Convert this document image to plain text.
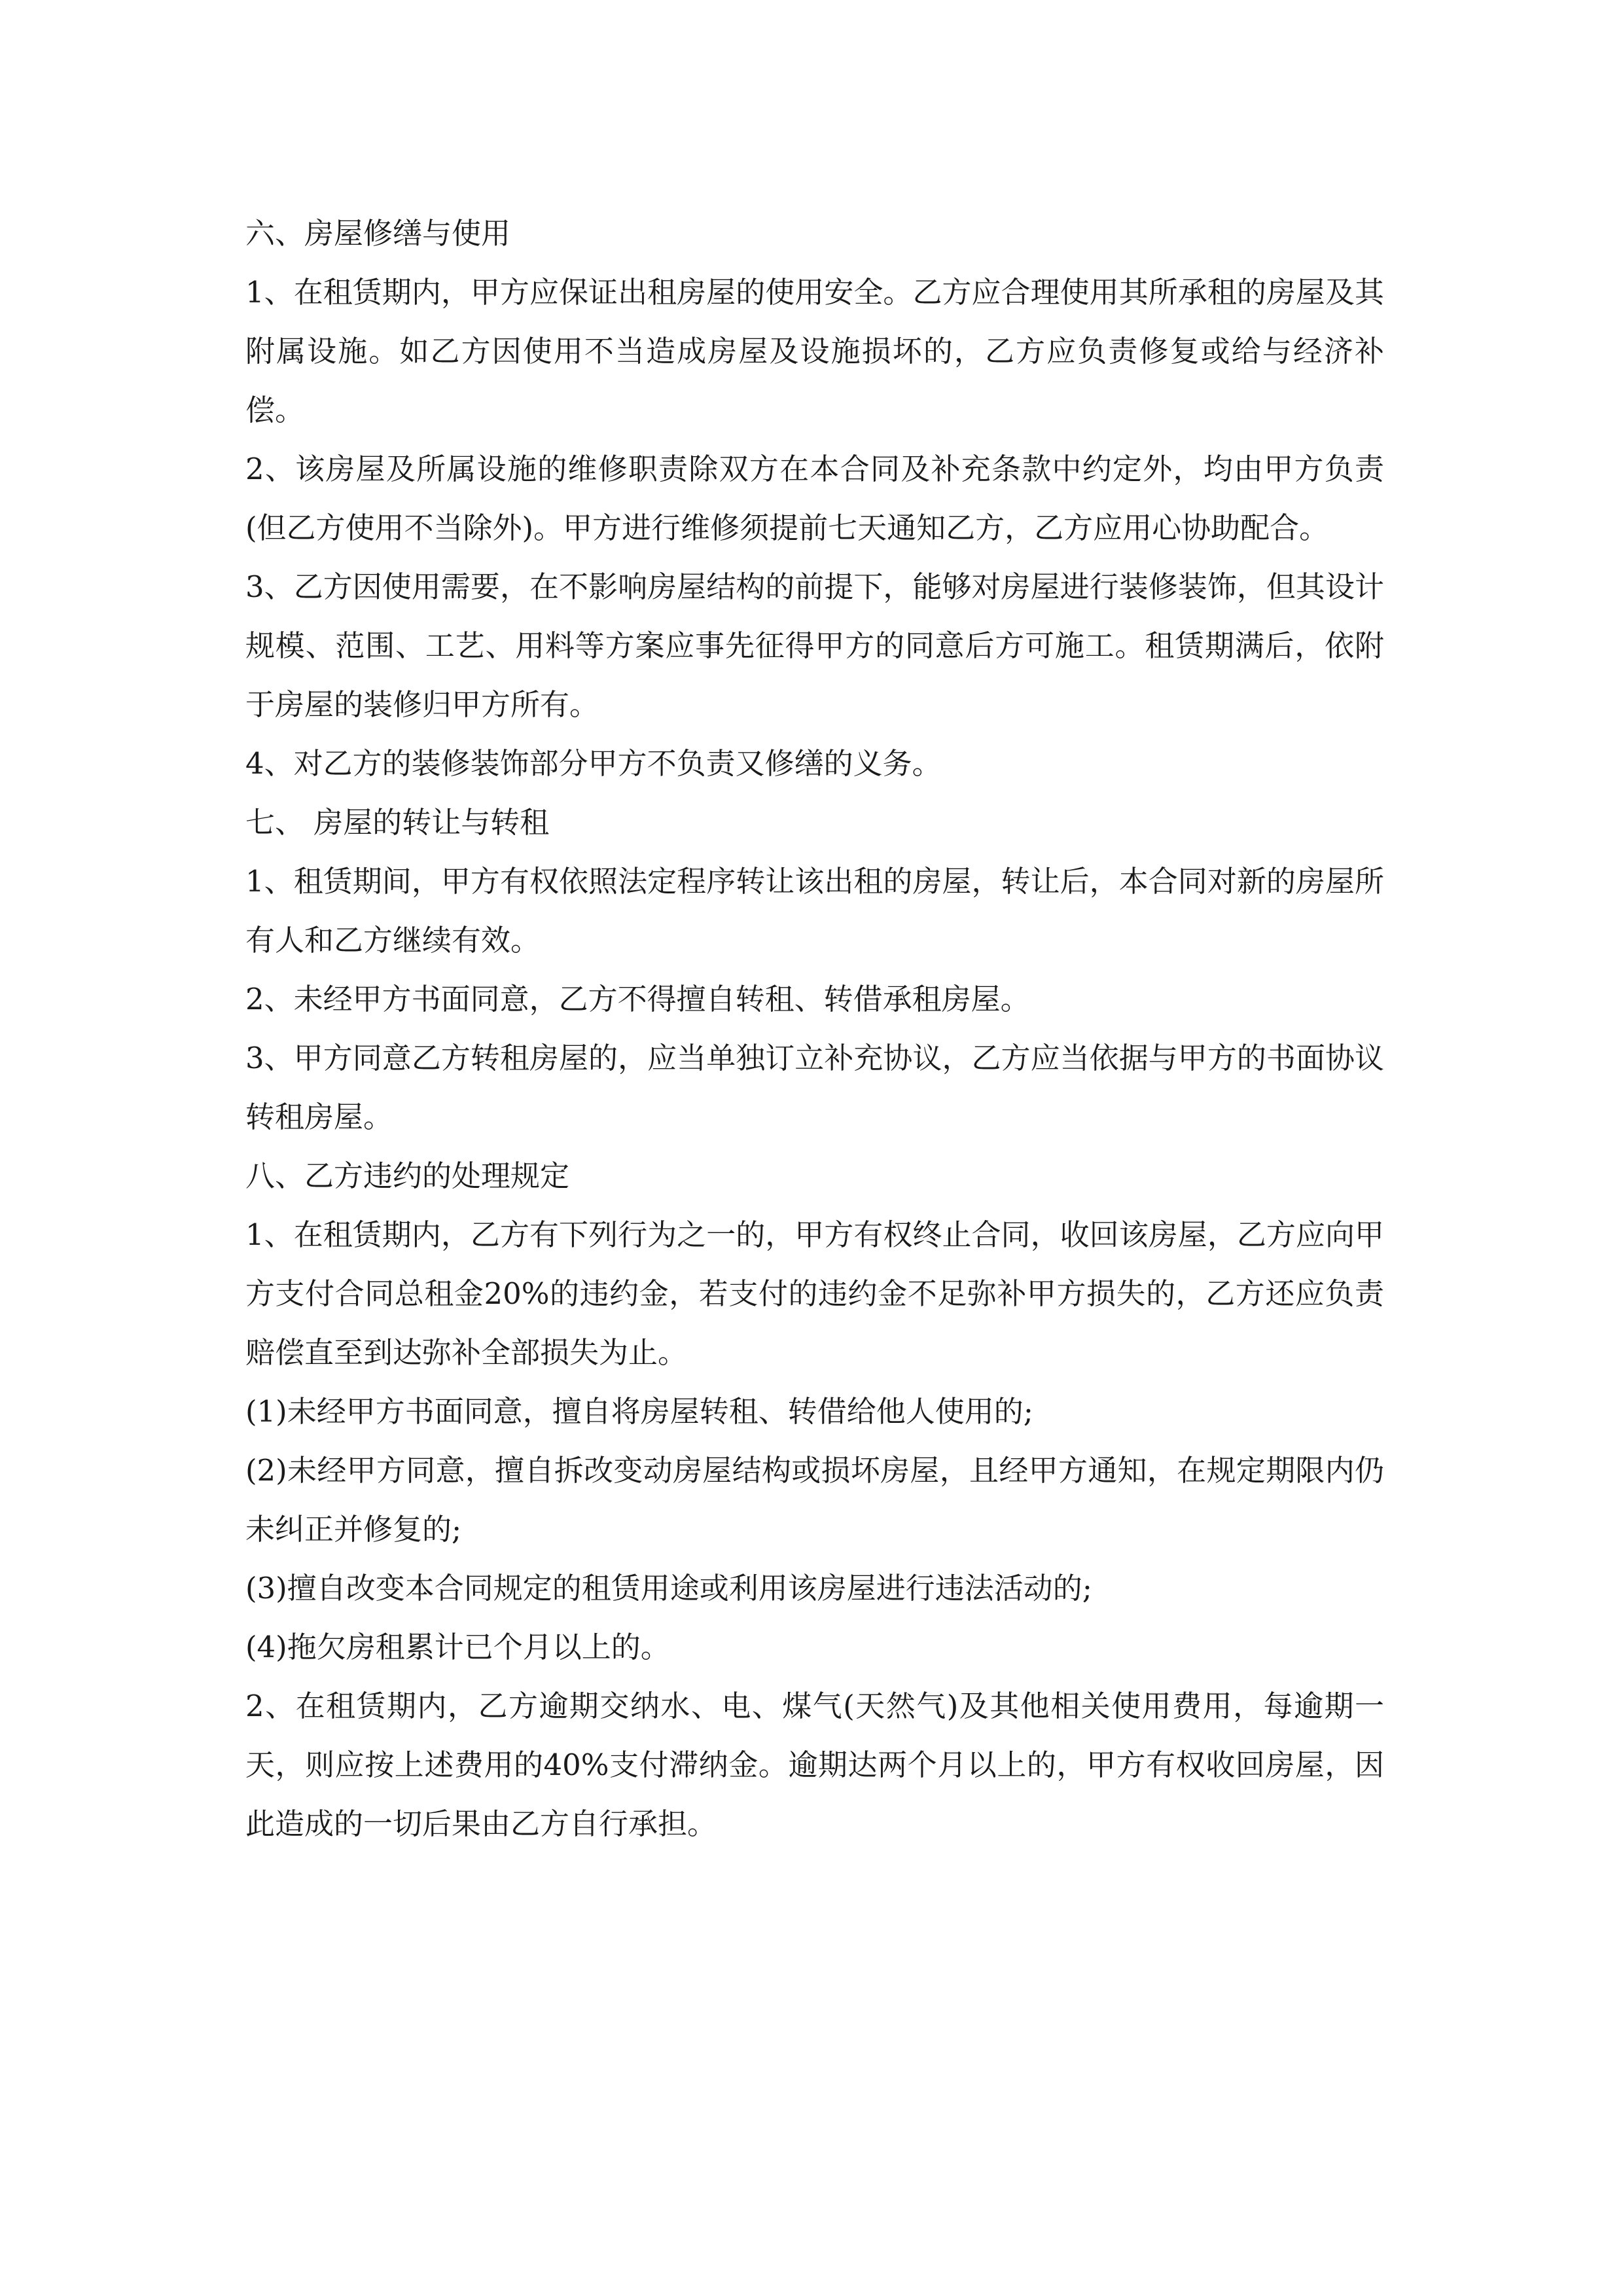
六、房屋修缮与使用

1、在租赁期内，甲方应保证出租房屋的使用安全。乙方应合理使用其所承租的房屋及其附属设施。如乙方因使用不当造成房屋及设施损坏的，乙方应负责修复或给与经济补偿。

2、该房屋及所属设施的维修职责除双方在本合同及补充条款中约定外，均由甲方负责(但乙方使用不当除外)。甲方进行维修须提前七天通知乙方，乙方应用心协助配合。

3、乙方因使用需要，在不影响房屋结构的前提下，能够对房屋进行装修装饰，但其设计规模、范围、工艺、用料等方案应事先征得甲方的同意后方可施工。租赁期满后，依附于房屋的装修归甲方所有。

4、对乙方的装修装饰部分甲方不负责又修缮的义务。

七、 房屋的转让与转租

1、租赁期间，甲方有权依照法定程序转让该出租的房屋，转让后，本合同对新的房屋所有人和乙方继续有效。

2、未经甲方书面同意，乙方不得擅自转租、转借承租房屋。

3、甲方同意乙方转租房屋的，应当单独订立补充协议，乙方应当依据与甲方的书面协议转租房屋。

八、乙方违约的处理规定

1、在租赁期内，乙方有下列行为之一的，甲方有权终止合同，收回该房屋，乙方应向甲方支付合同总租金20%的违约金，若支付的违约金不足弥补甲方损失的，乙方还应负责赔偿直至到达弥补全部损失为止。

(1)未经甲方书面同意，擅自将房屋转租、转借给他人使用的;

(2)未经甲方同意，擅自拆改变动房屋结构或损坏房屋，且经甲方通知，在规定期限内仍未纠正并修复的;

(3)擅自改变本合同规定的租赁用途或利用该房屋进行违法活动的;

(4)拖欠房租累计已个月以上的。

2、在租赁期内，乙方逾期交纳水、电、煤气(天然气)及其他相关使用费用，每逾期一天，则应按上述费用的40%支付滞纳金。逾期达两个月以上的，甲方有权收回房屋，因此造成的一切后果由乙方自行承担。
